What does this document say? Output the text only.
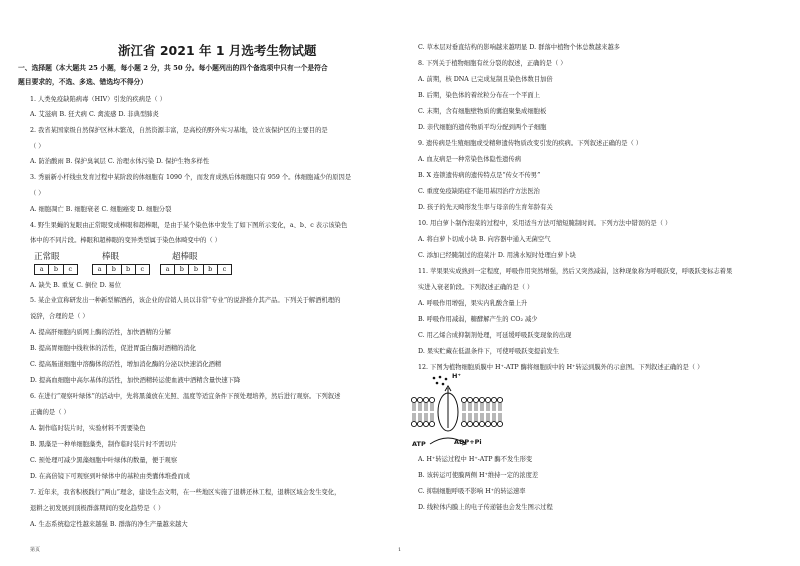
浙江省 2021 年 1 月选考生物试题
一、选择题（本大题共 25 小题，每小题 2 分，共 50 分。每小题列出的四个备选项中只有一个是符合
题目要求的，不选、多选、错选均不得分）
1. 人类免疫缺陷病毒（HIV）引发的疾病是（ ）
A. 艾滋病 B. 狂犬病 C. 禽流感 D. 非典型肺炎
2. 我省某国家级自然保护区林木繁茂，自然资源丰富，是高校的野外实习基地，设立该保护区的主要目的是
（ ）
A. 防治酸雨 B. 保护臭氧层 C. 治理水体污染 D. 保护生物多样性
3. 秀丽新小杆线虫发育过程中某阶段的体细胞有 1090 个，而发育成熟后体细胞只有 959 个。体细胞减少的原因是
（ ）
A. 细胞凋亡 B. 细胞衰老 C. 细胞癌变 D. 细胞分裂
4. 野生果蝇的复眼由正常眼变成棒眼和超棒眼，是由于某个染色体中发生了如下图所示变化，a、b、c 表示该染色
体中的不同片段。棒眼和超棒眼的变异类型属于染色体畸变中的（ ）
正常眼	棒眼	超棒眼
a	b	c	a	b	b	c	a	b	b	b	c
A. 缺失 B. 重复 C. 倒位 D. 易位
5. 某企业宣称研发出一种新型解酒药，该企业的营销人员以非常“专业”的说辞推介其产品。下列关于解酒机理的
说辞，合理的是（ ）
A. 提高肝细胞内质网上酶的活性，加快酒精的分解
B. 提高胃细胞中线粒体的活性，促进胃蛋白酶对酒精的消化
C. 提高肠道细胞中溶酶体的活性，增加消化酶的分泌以快速消化酒精
D. 提高血细胞中高尔基体的活性，加快酒精转运使血液中酒精含量快速下降
6. 在进行“观察叶绿体”的活动中，先将黑藻放在光照、温度等适宜条件下预处理培养，然后进行观察。下列叙述
正确的是（ ）
A. 制作临时装片时，实验材料不需要染色
B. 黑藻是一种单细胞藻类，制作临时装片时不需切片
C. 预处理可减少黑藻细胞中叶绿体的数量，便于观察
D. 在高倍镜下可观察到叶绿体中的基粒由类囊体堆叠而成
7. 近年来，我省积极践行“两山”理念，建设生态文明，在一些地区实施了退耕还林工程，退耕区域会发生变化，
退耕之初发展到顶极群落期间的变化趋势是（ ）
A. 生态系统稳定性越来越强 B. 群落的净生产量越来越大
第页	1
C. 草本层对垂直结构的影响越来越明显 D. 群落中植物个体总数越来越多
8. 下列关于植物细胞有丝分裂的叙述，正确的是（ ）
A. 前期，核 DNA 已完成复制且染色体数目加倍
B. 后期，染色体的着丝粒分布在一个平面上
C. 末期，含有细胞壁物质的囊泡聚集成细胞板
D. 亲代细胞的遗传物质平均分配到两个子细胞
9. 遗传病是生殖细胞或受精卵遗传物质改变引发的疾病。下列叙述正确的是（ ）
A. 血友病是一种常染色体隐性遗传病
B. X 连锁遗传病的遗传特点是“传女不传男”
C. 重度免疫缺陷症不能用基因治疗方法医治
D. 孩子的先天畸形发生率与母亲的生育年龄有关
10. 用白萝卜制作泡菜的过程中，采用适当方法可缩短腌制时间。下列方法中错误的是（ ）
A. 将白萝卜切成小块 B. 向容器中通入无菌空气
C. 添加已经腌制过的泡菜汁 D. 用沸水短时处理白萝卜块
11. 苹果果实成熟到一定程度，呼吸作用突然增强，然后又突然减弱，这种现象称为呼吸跃变，呼吸跃变标志着果
实进入衰老阶段。下列叙述正确的是（ ）
A. 呼吸作用增强，果实内乳酸含量上升
B. 呼吸作用减弱，糖酵解产生的 CO₂ 减少
C. 用乙烯合成抑制剂处理，可延缓呼吸跃变现象的出现
D. 果实贮藏在低温条件下，可使呼吸跃变提前发生
12. 下图为植物细胞质膜中 H⁺-ATP 酶将细胞质中的 H⁺转运到膜外的示意图。下列叙述正确的是（ ）
H⁺
ATP	ADP+Pi
A. H⁺转运过程中 H⁺-ATP 酶不发生形变
B. 该转运可使膜两侧 H⁺维持一定的浓度差
C. 抑制细胞呼吸不影响 H⁺的转运速率
D. 线粒体内膜上的电子传递链也会发生图示过程
